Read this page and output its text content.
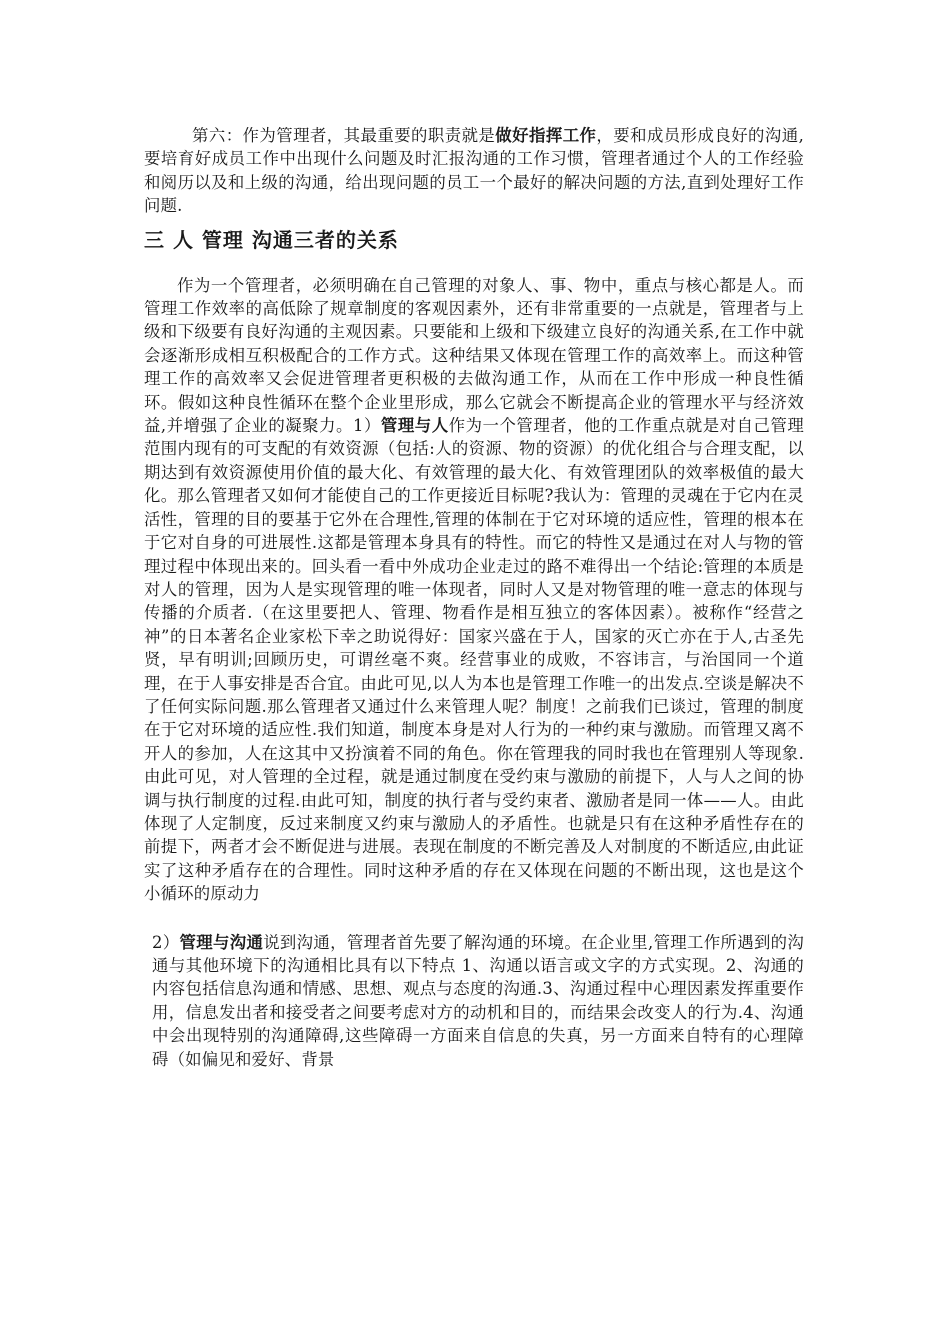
第六：作为管理者，其最重要的职责就是做好指挥工作，要和成员形成良好的沟通,要培育好成员工作中出现什么问题及时汇报沟通的工作习惯，管理者通过个人的工作经验和阅历以及和上级的沟通，给出现问题的员工一个最好的解决问题的方法,直到处理好工作问题.

三 人 管理 沟通三者的关系

作为一个管理者，必须明确在自己管理的对象人、事、物中，重点与核心都是人。而管理工作效率的高低除了规章制度的客观因素外，还有非常重要的一点就是，管理者与上级和下级要有良好沟通的主观因素。只要能和上级和下级建立良好的沟通关系,在工作中就会逐渐形成相互积极配合的工作方式。这种结果又体现在管理工作的高效率上。而这种管理工作的高效率又会促进管理者更积极的去做沟通工作，从而在工作中形成一种良性循环。假如这种良性循环在整个企业里形成，那么它就会不断提高企业的管理水平与经济效益,并增强了企业的凝聚力。1）管理与人作为一个管理者，他的工作重点就是对自己管理范围内现有的可支配的有效资源（包括:人的资源、物的资源）的优化组合与合理支配，以期达到有效资源使用价值的最大化、有效管理的最大化、有效管理团队的效率极值的最大化。那么管理者又如何才能使自己的工作更接近目标呢?我认为：管理的灵魂在于它内在灵活性，管理的目的要基于它外在合理性,管理的体制在于它对环境的适应性，管理的根本在于它对自身的可进展性.这都是管理本身具有的特性。而它的特性又是通过在对人与物的管理过程中体现出来的。回头看一看中外成功企业走过的路不难得出一个结论:管理的本质是对人的管理，因为人是实现管理的唯一体现者，同时人又是对物管理的唯一意志的体现与传播的介质者.（在这里要把人、管理、物看作是相互独立的客体因素）。被称作“经营之神”的日本著名企业家松下幸之助说得好：国家兴盛在于人，国家的灭亡亦在于人,古圣先贤，早有明训;回顾历史，可谓丝毫不爽。经营事业的成败，不容讳言，与治国同一个道理，在于人事安排是否合宜。由此可见,以人为本也是管理工作唯一的出发点.空谈是解决不了任何实际问题.那么管理者又通过什么来管理人呢？制度！之前我们已谈过，管理的制度在于它对环境的适应性.我们知道，制度本身是对人行为的一种约束与激励。而管理又离不开人的参加，人在这其中又扮演着不同的角色。你在管理我的同时我也在管理别人等现象.由此可见，对人管理的全过程，就是通过制度在受约束与激励的前提下，人与人之间的协调与执行制度的过程.由此可知，制度的执行者与受约束者、激励者是同一体——人。由此体现了人定制度，反过来制度又约束与激励人的矛盾性。也就是只有在这种矛盾性存在的前提下，两者才会不断促进与进展。表现在制度的不断完善及人对制度的不断适应,由此证实了这种矛盾存在的合理性。同时这种矛盾的存在又体现在问题的不断出现，这也是这个小循环的原动力

2）管理与沟通说到沟通，管理者首先要了解沟通的环境。在企业里,管理工作所遇到的沟通与其他环境下的沟通相比具有以下特点 1、沟通以语言或文字的方式实现。2、沟通的内容包括信息沟通和情感、思想、观点与态度的沟通.3、沟通过程中心理因素发挥重要作用，信息发出者和接受者之间要考虑对方的动机和目的，而结果会改变人的行为.4、沟通中会出现特别的沟通障碍,这些障碍一方面来自信息的失真，另一方面来自特有的心理障碍（如偏见和爱好、背景
